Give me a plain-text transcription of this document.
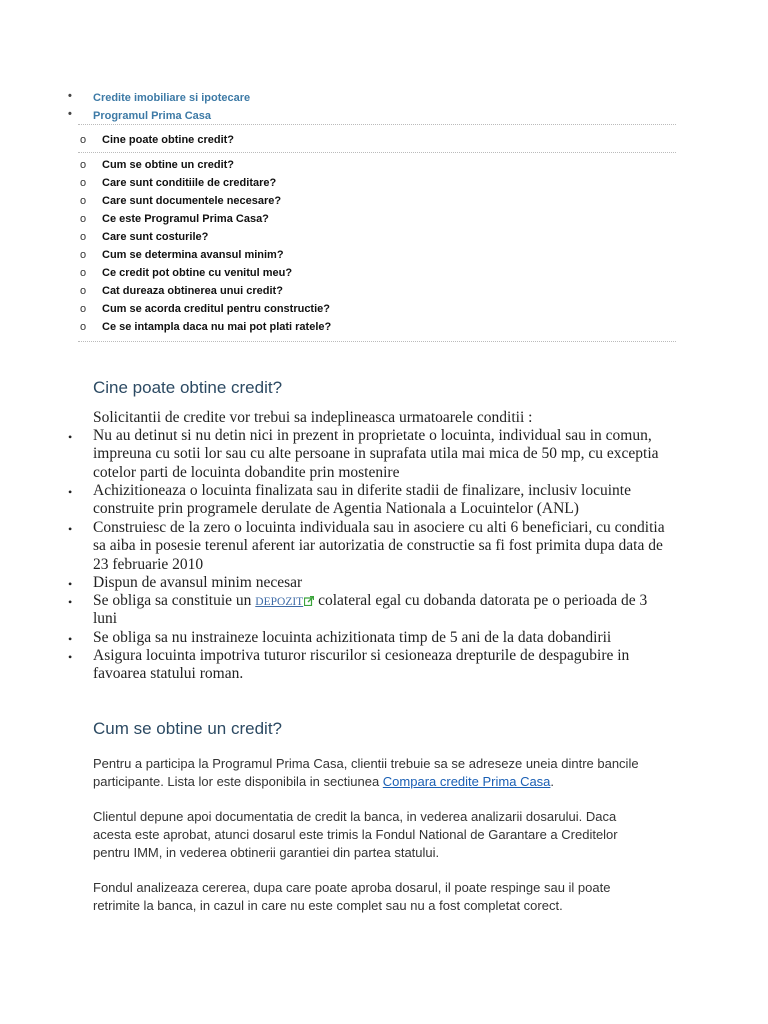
• Credite imobiliare si ipotecare
• Programul Prima Casa
o Cine poate obtine credit?
o Cum se obtine un credit?
o Care sunt conditiile de creditare?
o Care sunt documentele necesare?
o Ce este Programul Prima Casa?
o Care sunt costurile?
o Cum se determina avansul minim?
o Ce credit pot obtine cu venitul meu?
o Cat dureaza obtinerea unui credit?
o Cum se acorda creditul pentru constructie?
o Ce se intampla daca nu mai pot plati ratele?
Cine poate obtine credit?
Solicitantii de credite vor trebui sa indeplineasca urmatoarele conditii :
• Nu au detinut si nu detin nici in prezent in proprietate o locuinta, individual sau in comun,
impreuna cu sotii lor sau cu alte persoane in suprafata utila mai mica de 50 mp, cu exceptia
cotelor parti de locuinta dobandite prin mostenire
• Achizitioneaza o locuinta finalizata sau in diferite stadii de finalizare, inclusiv locuinte
construite prin programele derulate de Agentia Nationala a Locuintelor (ANL)
• Construiesc de la zero o locuinta individuala sau in asociere cu alti 6 beneficiari, cu conditia
sa aiba in posesie terenul aferent iar autorizatia de constructie sa fi fost primita dupa data de
23 februarie 2010
• Dispun de avansul minim necesar
• Se obliga sa constituie un DEPOZIT colateral egal cu dobanda datorata pe o perioada de 3
luni
• Se obliga sa nu instraineze locuinta achizitionata timp de 5 ani de la data dobandirii
• Asigura locuinta impotriva tuturor riscurilor si cesioneaza drepturile de despagubire in
favoarea statului roman.
Cum se obtine un credit?
Pentru a participa la Programul Prima Casa, clientii trebuie sa se adreseze uneia dintre bancile
participante. Lista lor este disponibila in sectiunea Compara credite Prima Casa.
Clientul depune apoi documentatia de credit la banca, in vederea analizarii dosarului. Daca
acesta este aprobat, atunci dosarul este trimis la Fondul National de Garantare a Creditelor
pentru IMM, in vederea obtinerii garantiei din partea statului.
Fondul analizeaza cererea, dupa care poate aproba dosarul, il poate respinge sau il poate
retrimite la banca, in cazul in care nu este complet sau nu a fost completat corect.
